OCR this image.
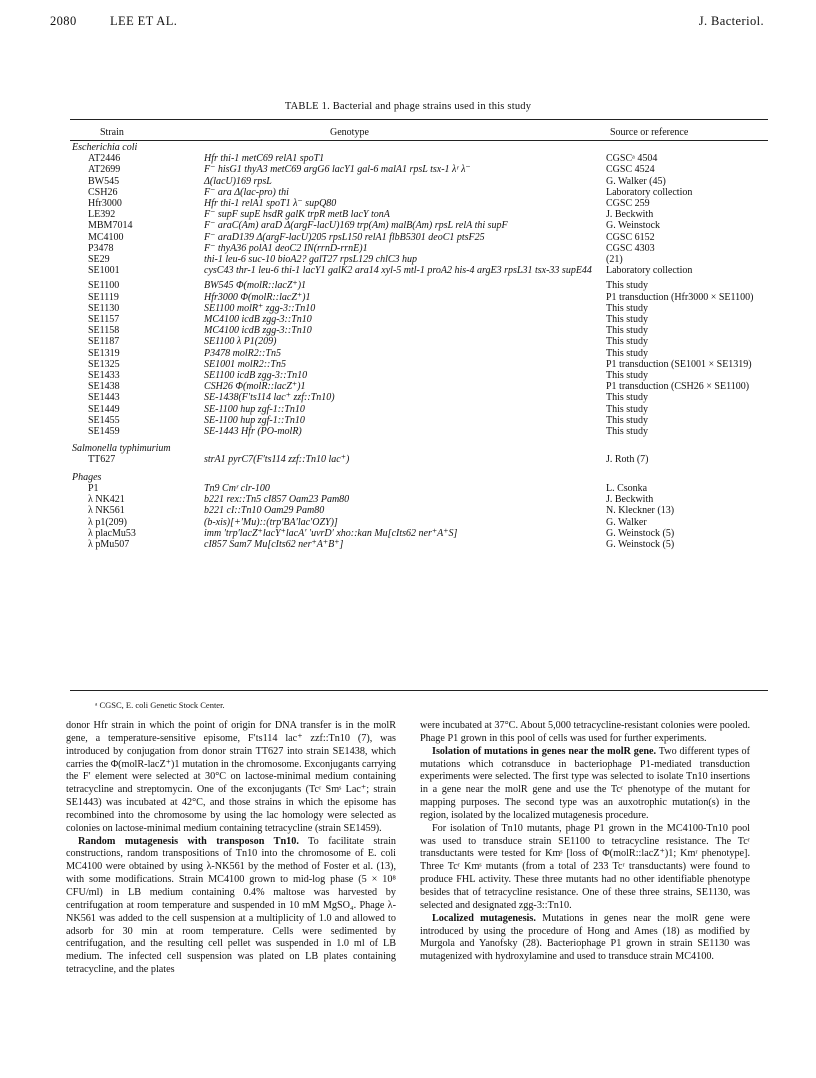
2080	LEE ET AL.	J. Bacteriol.
TABLE 1. Bacterial and phage strains used in this study
Strain	Genotype	Source or reference
Escherichia coli
AT2446	Hfr thi-1 metC69 relA1 spoT1	CGSCᵃ 4504
AT2699	F⁻ hisG1 thyA3 metC69 argG6 lacY1 gal-6 malA1 rpsL tsx-1 λʳ λ⁻	CGSC 4524
BW545	Δ(lacU)169 rpsL	G. Walker (45)
CSH26	F⁻ ara Δ(lac-pro) thi	Laboratory collection
Hfr3000	Hfr thi-1 relA1 spoT1 λ⁻ supQ80	CGSC 259
LE392	F⁻ supF supE hsdR galK trpR metB lacY tonA	J. Beckwith
MBM7014	F⁻ araC(Am) araD Δ(argF-lacU)169 trp(Am) malB(Am) rpsL relA thi supF	G. Weinstock
MC4100	F⁻ araD139 Δ(argF-lacU)205 rpsL150 relA1 flbB5301 deoC1 ptsF25	CGSC 6152
P3478	F⁻ thyA36 polA1 deoC2 IN(rrnD-rrnE)1	CGSC 4303
SE29	thi-1 leu-6 suc-10 bioA2? galT27 rpsL129 chlC3 hup	(21)
SE1001	cysC43 thr-1 leu-6 thi-1 lacY1 galK2 ara14 xyl-5 mtl-1 proA2 his-4 argE3 rpsL31 tsx-33 supE44	Laboratory collection
SE1100	BW545 Φ(molR::lacZ⁺)1	This study
SE1119	Hfr3000 Φ(molR::lacZ⁺)1	P1 transduction (Hfr3000 × SE1100)
SE1130	SE1100 molR⁺ zgg-3::Tn10	This study
SE1157	MC4100 icdB zgg-3::Tn10	This study
SE1158	MC4100 icdB zgg-3::Tn10	This study
SE1187	SE1100 λ P1(209)	This study
SE1319	P3478 molR2::Tn5	This study
SE1325	SE1001 molR2::Tn5	P1 transduction (SE1001 × SE1319)
SE1433	SE1100 icdB zgg-3::Tn10	This study
SE1438	CSH26 Φ(molR::lacZ⁺)1	P1 transduction (CSH26 × SE1100)
SE1443	SE-1438(F′ts114 lac⁺ zzf::Tn10)	This study
SE1449	SE-1100 hup zgf-1::Tn10	This study
SE1455	SE-1100 hup zgf-1::Tn10	This study
SE1459	SE-1443 Hfr (PO-molR)	This study
Salmonella typhimurium
TT627	strA1 pyrC7(F′ts114 zzf::Tn10 lac⁺)	J. Roth (7)
Phages
P1	Tn9 Cmʳ clr-100	L. Csonka
λ NK421	b221 rex::Tn5 cI857 Oam23 Pam80	J. Beckwith
λ NK561	b221 cI::Tn10 Oam29 Pam80	N. Kleckner (13)
λ p1(209)	(b-xis)[+′Mu)::(trp′BA′lac′OZY)]	G. Walker
λ placMu53	imm ′trp′lacZ⁺lacY⁺lacA′ ′uvrD′ xho::kan Mu[cIts62 ner⁺A⁺S]	G. Weinstock (5)
λ pMu507	cI857 Sam7 Mu[cIts62 ner⁺A⁺B⁺]	G. Weinstock (5)
ᵃ CGSC, E. coli Genetic Stock Center.

donor Hfr strain in which the point of origin for DNA transfer is in the molR gene, a temperature-sensitive episome, F′ts114 lac⁺ zzf::Tn10 (7), was introduced by conjugation from donor strain TT627 into strain SE1438, which carries the Φ(molR-lacZ⁺)1 mutation in the chromosome. Exconjugants carrying the F′ element were selected at 30°C on lactose-minimal medium containing tetracycline and streptomycin. One of the exconjugants (Tcʳ Smˢ Lac⁺; strain SE1443) was incubated at 42°C, and those strains in which the episome has recombined into the chromosome by using the lac homology were selected as colonies on lactose-minimal medium containing tetracycline (strain SE1459).

Random mutagenesis with transposon Tn10. To facilitate strain constructions, random transpositions of Tn10 into the chromosome of E. coli MC4100 were obtained by using λ-NK561 by the method of Foster et al. (13), with some modifications. Strain MC4100 grown to mid-log phase (5 × 10⁸ CFU/ml) in LB medium containing 0.4% maltose was harvested by centrifugation at room temperature and suspended in 10 mM MgSO₄. Phage λ-NK561 was added to the cell suspension at a multiplicity of 1.0 and allowed to adsorb for 30 min at room temperature. Cells were sedimented by centrifugation, and the resulting cell pellet was suspended in 1.0 ml of LB medium. The infected cell suspension was plated on LB plates containing tetracycline, and the plates

were incubated at 37°C. About 5,000 tetracycline-resistant colonies were pooled. Phage P1 grown in this pool of cells was used for further experiments.

Isolation of mutations in genes near the molR gene. Two different types of mutations which cotransduce in bacteriophage P1-mediated transduction experiments were selected. The first type was selected to isolate Tn10 insertions in a gene near the molR gene and use the Tcʳ phenotype of the mutant for mapping purposes. The second type was an auxotrophic mutation(s) in the region, isolated by the localized mutagenesis procedure.

For isolation of Tn10 mutants, phage P1 grown in the MC4100-Tn10 pool was used to transduce strain SE1100 to tetracycline resistance. The Tcʳ transductants were tested for Kmˢ [loss of Φ(molR::lacZ⁺)1; Kmʳ phenotype]. Three Tcʳ Kmˢ mutants (from a total of 233 Tcʳ transductants) were found to produce FHL activity. These three mutants had no other identifiable phenotype besides that of tetracycline resistance. One of these three strains, SE1130, was selected and designated zgg-3::Tn10.

Localized mutagenesis. Mutations in genes near the molR gene were introduced by using the procedure of Hong and Ames (18) as modified by Murgola and Yanofsky (28). Bacteriophage P1 grown in strain SE1130 was mutagenized with hydroxylamine and used to transduce strain MC4100.
